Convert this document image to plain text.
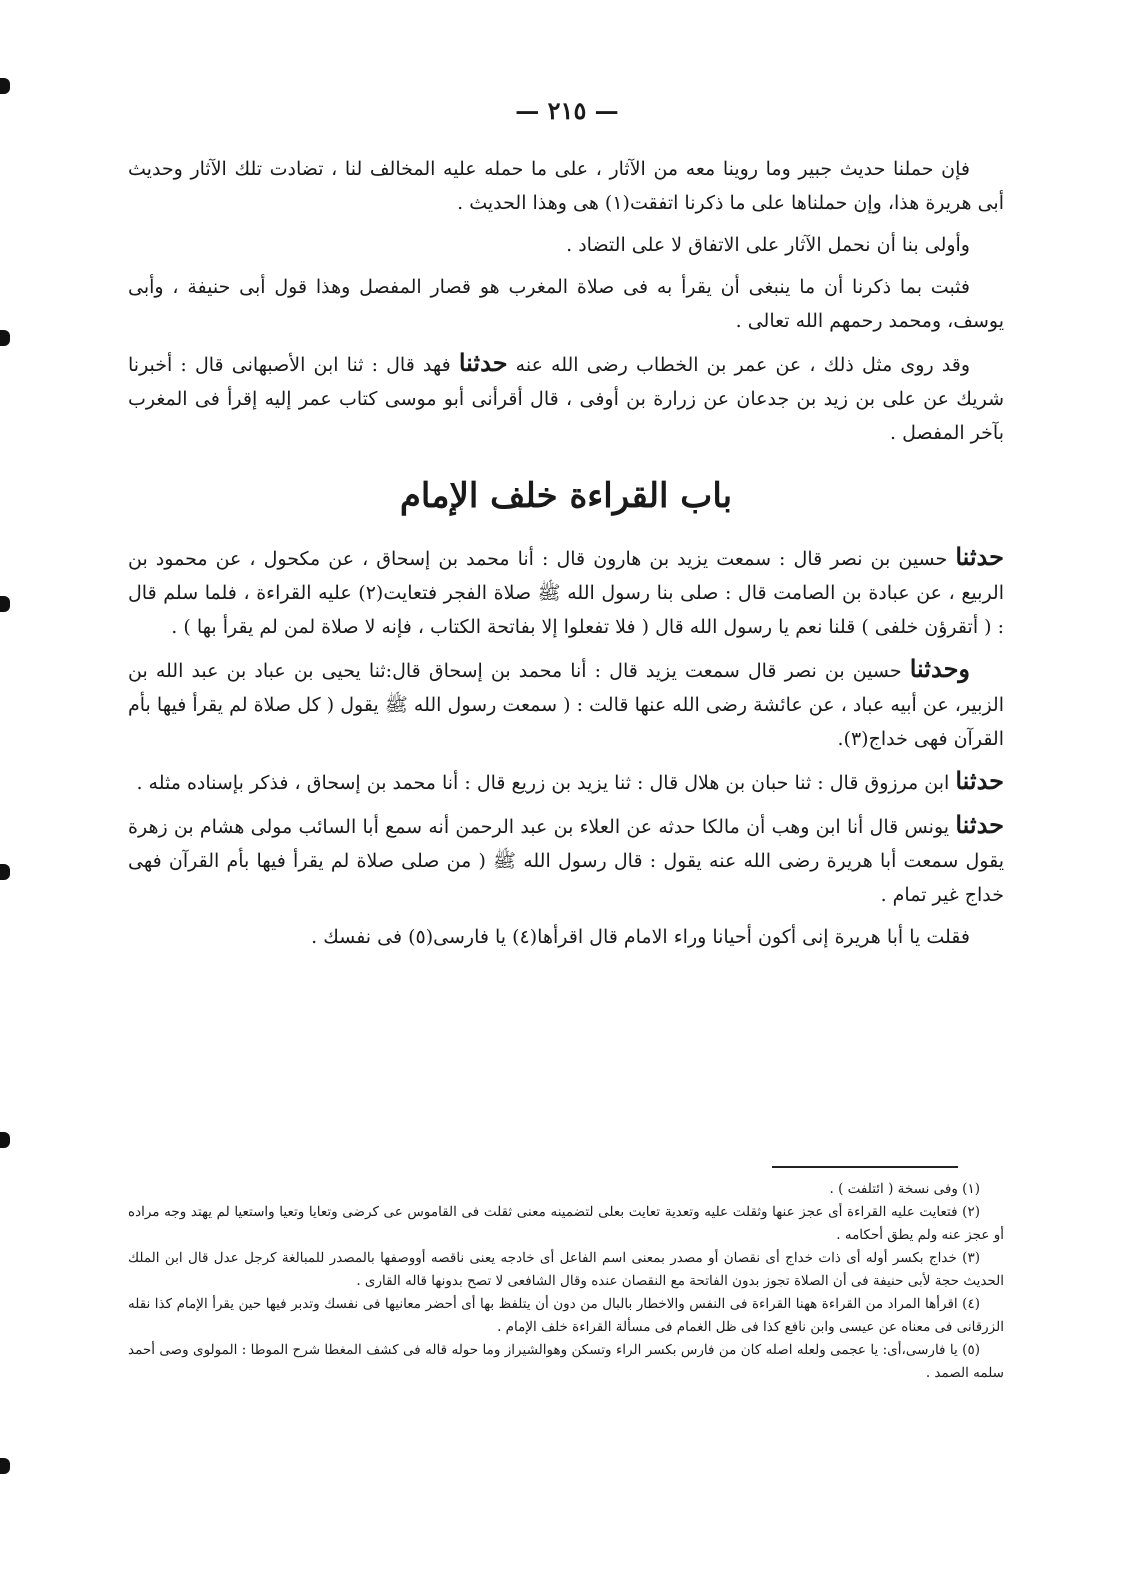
— ٢١٥ —

فإن حملنا حديث جبير وما روينا معه من الآثار ، على ما حمله عليه المخالف لنا ، تضادت تلك الآثار وحديث أبى هريرة هذا، وإن حملناها على ما ذكرنا اتفقت(١) هى وهذا الحديث .

وأولى بنا أن نحمل الآثار على الاتفاق لا على التضاد .

فثبت بما ذكرنا أن ما ينبغى أن يقرأ به فى صلاة المغرب هو قصار المفصل وهذا قول أبى حنيفة ، وأبى يوسف، ومحمد رحمهم الله تعالى .

وقد روى مثل ذلك ، عن عمر بن الخطاب رضى الله عنه حدثنا فهد قال : ثنا ابن الأصبهانى قال : أخبرنا شريك عن على بن زيد بن جدعان عن زرارة بن أوفى ، قال أقرأنى أبو موسى كتاب عمر إليه إقرأ فى المغرب بآخر المفصل .

باب القراءة خلف الإمام

حدثنا حسين بن نصر قال : سمعت يزيد بن هارون قال : أنا محمد بن إسحاق ، عن مكحول ، عن محمود بن الربيع ، عن عبادة بن الصامت قال : صلى بنا رسول الله ﷺ صلاة الفجر فتعايت(٢) عليه القراءة ، فلما سلم قال : ( أتقرؤن خلفى ) قلنا نعم يا رسول الله قال ( فلا تفعلوا إلا بفاتحة الكتاب ، فإنه لا صلاة لمن لم يقرأ بها ) .

وحدثنا حسين بن نصر قال سمعت يزيد قال : أنا محمد بن إسحاق قال:ثنا يحيى بن عباد بن عبد الله بن الزبير، عن أبيه عباد ، عن عائشة رضى الله عنها قالت : ( سمعت رسول الله ﷺ يقول ( كل صلاة لم يقرأ فيها بأم القرآن فهى خداج(٣).

حدثنا ابن مرزوق قال : ثنا حبان بن هلال قال : ثنا يزيد بن زريع قال : أنا محمد بن إسحاق ، فذكر بإسناده مثله .

حدثنا يونس قال أنا ابن وهب أن مالكا حدثه عن العلاء بن عبد الرحمن أنه سمع أبا السائب مولى هشام بن زهرة يقول سمعت أبا هريرة رضى الله عنه يقول : قال رسول الله ﷺ ( من صلى صلاة لم يقرأ فيها بأم القرآن فهى خداج غير تمام .

فقلت يا أبا هريرة إنى أكون أحيانا وراء الامام قال اقرأها(٤) يا فارسى(٥) فى نفسك .

(١) وفى نسخة ( ائتلفت ) .

(٢) فتعايت عليه القراءة أى عجز عنها وثقلت عليه وتعدية تعايت بعلى لتضمينه معنى ثقلت فى القاموس عى كرضى وتعايا وتعيا واستعيا لم يهتد وجه مراده أو عجز عنه ولم يطق أحكامه .

(٣) خداج بكسر أوله أى ذات خداج أى نقصان أو مصدر بمعنى اسم الفاعل أى خادجه يعنى ناقصه أووصفها بالمصدر للمبالغة كرجل عدل قال ابن الملك الحديث حجة لأبى حنيفة فى أن الصلاة تجوز بدون الفاتحة مع النقصان عنده وقال الشافعى لا تصح بدونها قاله القارى .

(٤) اقرأها المراد من القراءة ههنا القراءة فى النفس والاخطار بالبال من دون أن يتلفظ بها أى أحضر معانيها فى نفسك وتدبر فيها حين يقرأ الإمام كذا نقله الزرقانى فى معناه عن عيسى وابن نافع كذا فى ظل الغمام فى مسألة القراءة خلف الإمام .

(٥) يا فارسى،أى: يا عجمى ولعله اصله كان من فارس بكسر الراء وتسكن وهوالشيراز وما حوله قاله فى كشف المغطا شرح الموطا : المولوى وصى أحمد سلمه الصمد .
